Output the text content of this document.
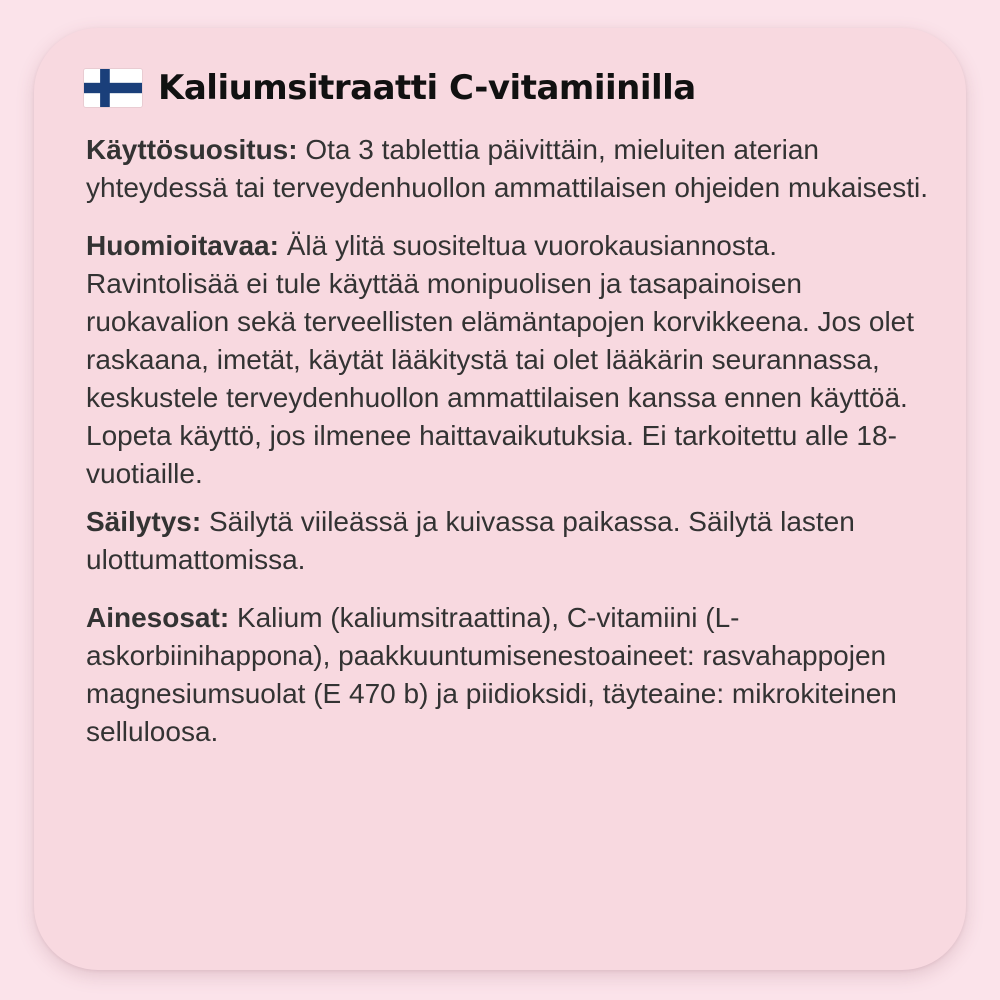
Kaliumsitraatti C-vitamiinilla

Käyttösuositus: Ota 3 tablettia päivittäin, mieluiten aterian yhteydessä tai terveydenhuollon ammattilaisen ohjeiden mukaisesti.

Huomioitavaa: Älä ylitä suositeltua vuorokausiannosta. Ravintolisää ei tule käyttää monipuolisen ja tasapainoisen ruokavalion sekä terveellisten elämäntapojen korvikkeena. Jos olet raskaana, imetät, käytät lääkitystä tai olet lääkärin seurannassa, keskustele terveydenhuollon ammattilaisen kanssa ennen käyttöä. Lopeta käyttö, jos ilmenee haittavaikutuksia. Ei tarkoitettu alle 18-vuotiaille.

Säilytys: Säilytä viileässä ja kuivassa paikassa. Säilytä lasten ulottumattomissa.

Ainesosat: Kalium (kaliumsitraattina), C-vitamiini (L-askorbiinihappona), paakkuuntumisenestoaineet: rasvahappojen magnesiumsuolat (E 470 b) ja piidioksidi, täyteaine: mikrokiteinen selluloosa.
